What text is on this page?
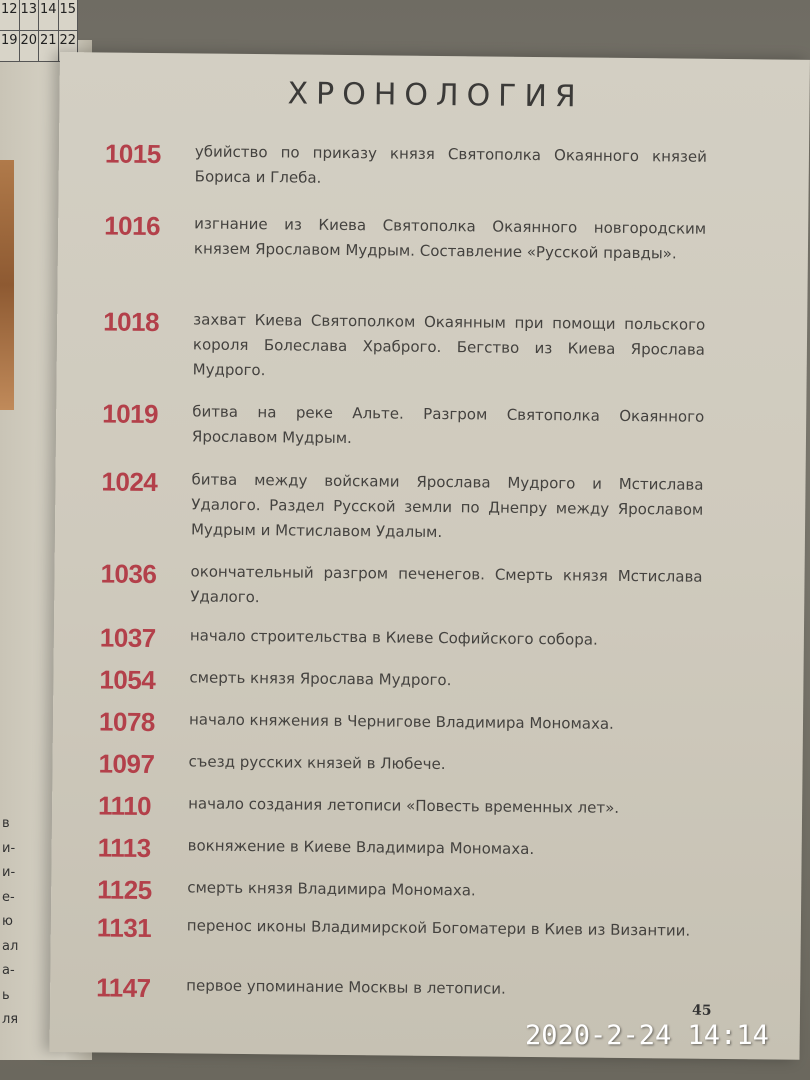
в
и-
и-
е-
ю
ал
а-
ь
ля
12 13 14 15
19 20 21 22
ХРОНОЛОГИЯ
1015 убийство по приказу князя Святополка Окаянного князей Бориса и Глеба.
1016 изгнание из Киева Святополка Окаянного новгородским князем Ярославом Мудрым. Составление «Русской правды».
1018 захват Киева Святополком Окаянным при помощи польского короля Болеслава Храброго. Бегство из Киева Ярослава Мудрого.
1019 битва на реке Альте. Разгром Святополка Окаянного Ярославом Мудрым.
1024 битва между войсками Ярослава Мудрого и Мстислава Удалого. Раздел Русской земли по Днепру между Ярославом Мудрым и Мстиславом Удалым.
1036 окончательный разгром печенегов. Смерть князя Мстислава Удалого.
1037 начало строительства в Киеве Софийского собора.
1054 смерть князя Ярослава Мудрого.
1078 начало княжения в Чернигове Владимира Мономаха.
1097 съезд русских князей в Любече.
1110 начало создания летописи «Повесть временных лет».
1113 вокняжение в Киеве Владимира Мономаха.
1125 смерть князя Владимира Мономаха.
1131 перенос иконы Владимирской Богоматери в Киев из Византии.
1147 первое упоминание Москвы в летописи.
45
2020-2-24 14:14
